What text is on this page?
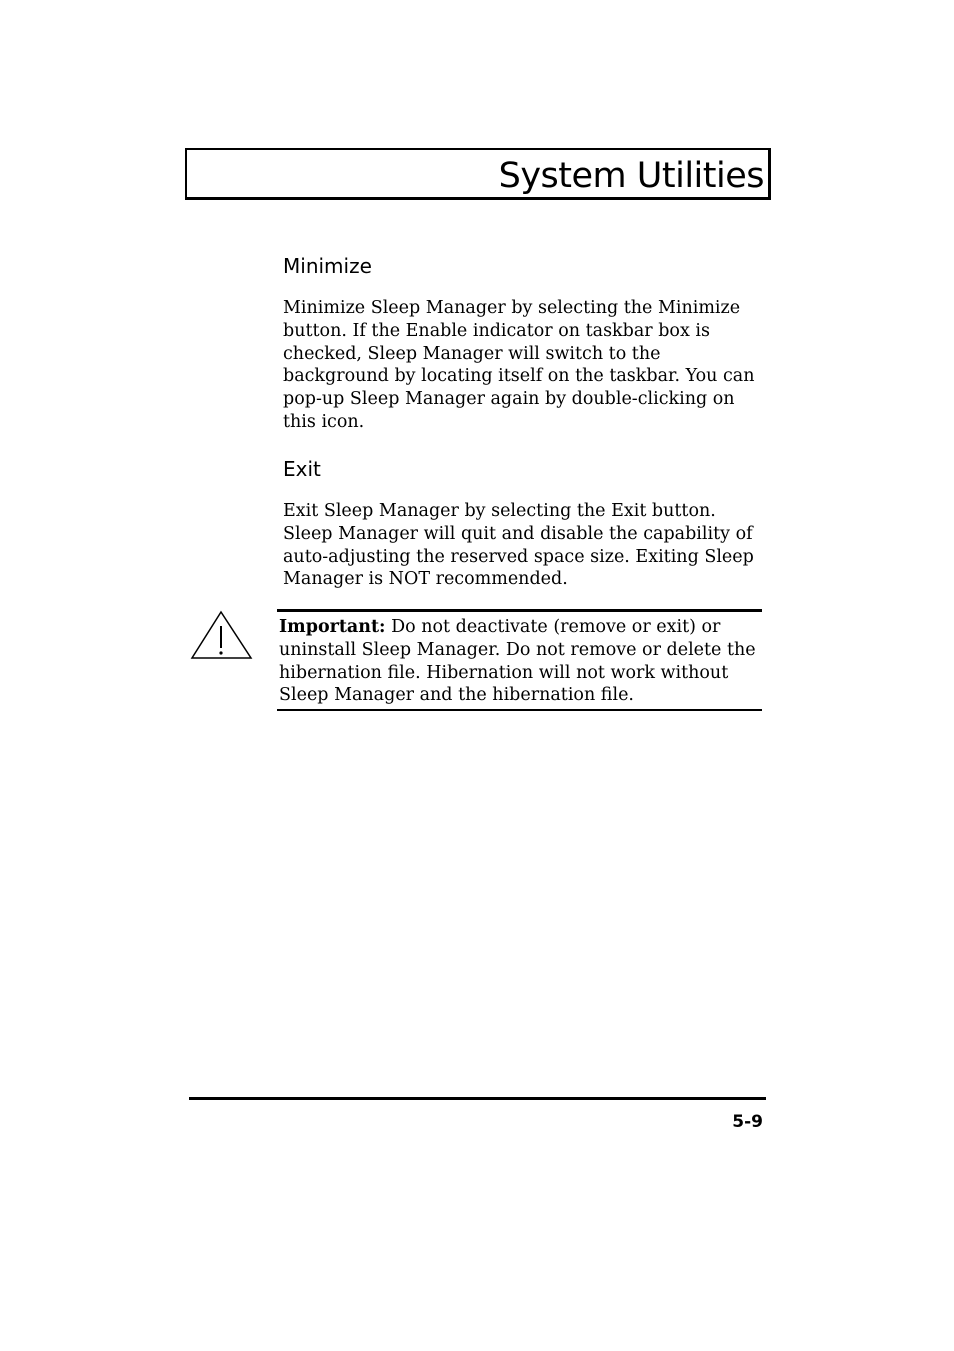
System Utilities
Minimize

Minimize Sleep Manager by selecting the Minimize button. If the Enable indicator on taskbar box is checked, Sleep Manager will switch to the background by locating itself on the taskbar. You can pop-up Sleep Manager again by double-clicking on this icon.

Exit

Exit Sleep Manager by selecting the Exit button. Sleep Manager will quit and disable the capability of auto-adjusting the reserved space size. Exiting Sleep Manager is NOT recommended.

Important: Do not deactivate (remove or exit) or uninstall Sleep Manager. Do not remove or delete the hibernation file. Hibernation will not work without Sleep Manager and the hibernation file.

5-9
